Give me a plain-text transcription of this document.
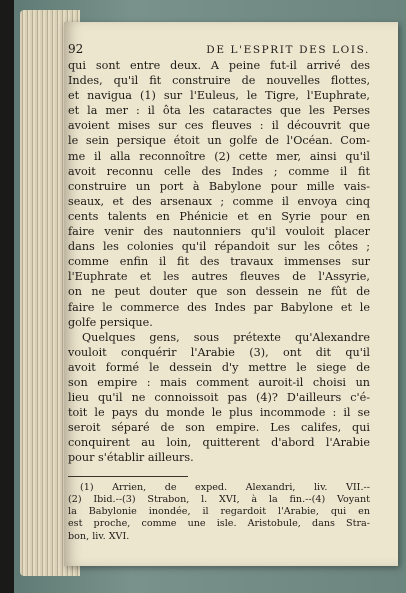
92	DE L'ESPRIT DES LOIS.
qui sont entre deux. A peine fut-il arrivé des
Indes, qu'il fit construire de nouvelles flottes,
et navigua (1) sur l'Euleus, le Tigre, l'Euphrate,
et la mer : il ôta les cataractes que les Perses
avoient mises sur ces fleuves : il découvrit que
le sein persique étoit un golfe de l'Océan. Com-
me il alla reconnoître (2) cette mer, ainsi qu'il
avoit reconnu celle des Indes ; comme il fit
construire un port à Babylone pour mille vais-
seaux, et des arsenaux ; comme il envoya cinq
cents talents en Phénicie et en Syrie pour en
faire venir des nautonniers qu'il vouloit placer
dans les colonies qu'il répandoit sur les côtes ;
comme enfin il fit des travaux immenses sur
l'Euphrate et les autres fleuves de l'Assyrie,
on ne peut douter que son dessein ne fût de
faire le commerce des Indes par Babylone et le
golfe persique.
Quelques gens, sous prétexte qu'Alexandre
vouloit conquérir l'Arabie (3), ont dit qu'il
avoit formé le dessein d'y mettre le siege de
son empire : mais comment auroit-il choisi un
lieu qu'il ne connoissoit pas (4)? D'ailleurs c'é-
toit le pays du monde le plus incommode : il se
seroit séparé de son empire. Les califes, qui
conquirent au loin, quitterent d'abord l'Arabie
pour s'établir ailleurs.
(1) Arrien, de exped. Alexandri, liv. VII.--
(2) Ibid.--(3) Strabon, l. XVI, à la fin.--(4) Voyant
la Babylonie inondée, il regardoit l'Arabie, qui en
est proche, comme une isle. Aristobule, dans Stra-
bon, liv. XVI.
